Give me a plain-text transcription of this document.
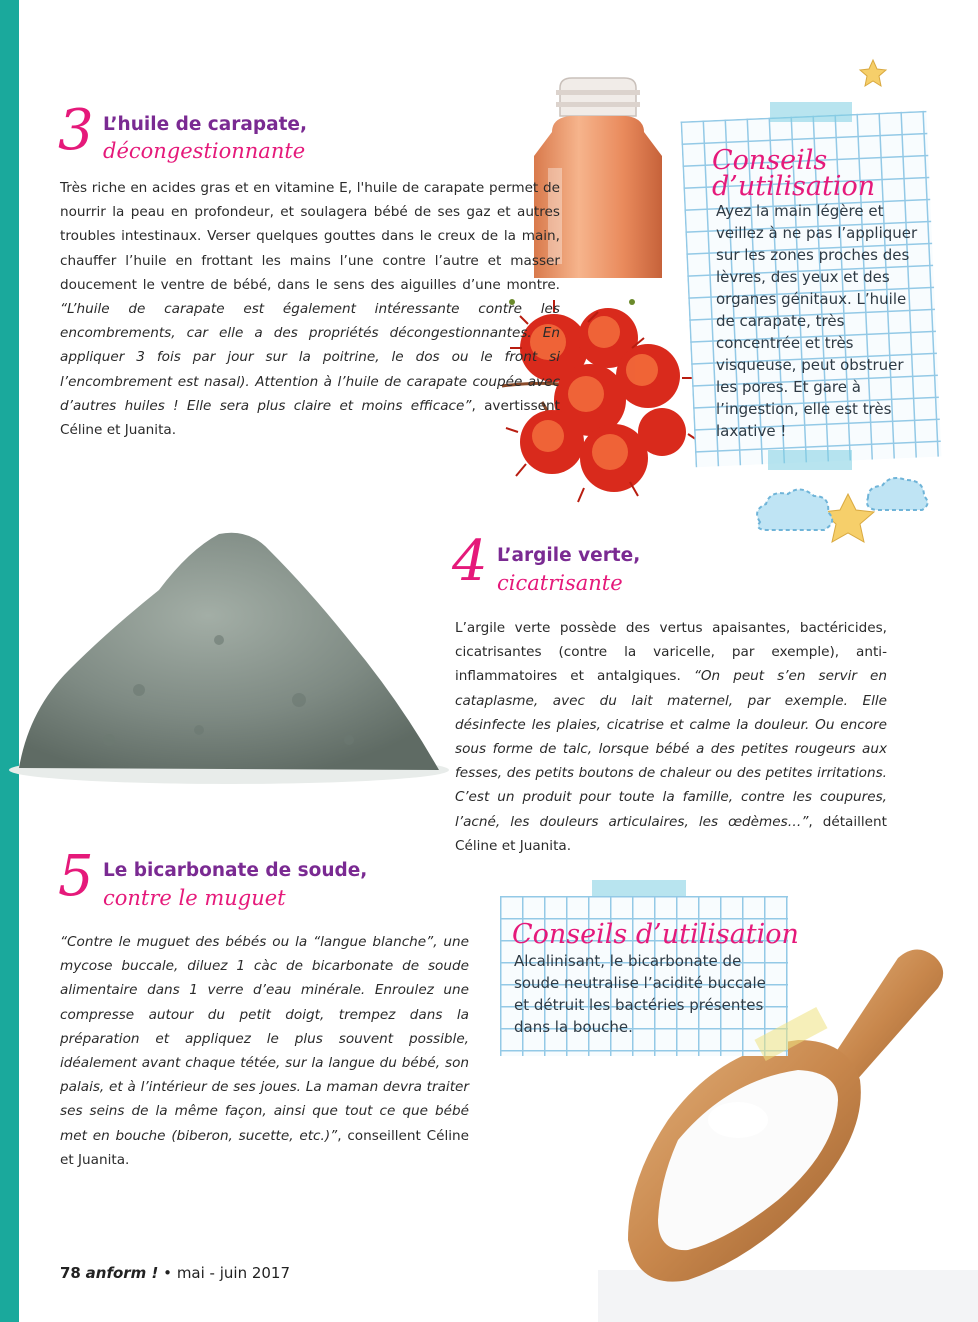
Conseils d’utilisation

Ayez la main légère et veillez à ne pas l’appliquer sur les zones proches des lèvres, des yeux et des organes génitaux. L’huile de carapate, très concentrée et très visqueuse, peut obstruer les pores. Et gare à l’ingestion, elle est très laxative !

3 L’huile de carapate,
décongestionnante

Très riche en acides gras et en vitamine E, l'huile de carapate permet de nourrir la peau en profondeur, et soulagera bébé de ses gaz et autres troubles intestinaux. Verser quelques gouttes dans le creux de la main, chauffer l’huile en frottant les mains l’une contre l’autre et masser doucement le ventre de bébé, dans le sens des aiguilles d’une montre. “L’huile de carapate est également intéressante contre les encombrements, car elle a des propriétés décongestionnantes. En appliquer 3 fois par jour sur la poitrine, le dos ou le front si l’encombrement est nasal). Attention à l’huile de carapate coupée avec d’autres huiles ! Elle sera plus claire et moins efficace”, avertissent Céline et Juanita.

4 L’argile verte,
cicatrisante

L’argile verte possède des vertus apaisantes, bactéricides, cicatrisantes (contre la varicelle, par exemple), anti-inflammatoires et antalgiques. “On peut s’en servir en cataplasme, avec du lait maternel, par exemple. Elle désinfecte les plaies, cicatrise et calme la douleur. Ou encore sous forme de talc, lorsque bébé a des petites rougeurs aux fesses, des petits boutons de chaleur ou des petites irritations. C’est un produit pour toute la famille, contre les coupures, l’acné, les douleurs articulaires, les œdèmes…”, détaillent Céline et Juanita.

5 Le bicarbonate de soude,
contre le muguet

“Contre le muguet des bébés ou la “langue blanche”, une mycose buccale, diluez 1 càc de bicarbonate de soude alimentaire dans 1 verre d’eau minérale. Enroulez une compresse autour du petit doigt, trempez dans la préparation et appliquez le plus souvent possible, idéalement avant chaque tétée, sur la langue du bébé, son palais, et à l’intérieur de ses joues. La maman devra traiter ses seins de la même façon, ainsi que tout ce que bébé met en bouche (biberon, sucette, etc.)”, conseillent Céline et Juanita.

Conseils d’utilisation

Alcalinisant, le bicarbonate de soude neutralise l’acidité buccale et détruit les bactéries présentes dans la bouche.

78 anform ! • mai - juin 2017
